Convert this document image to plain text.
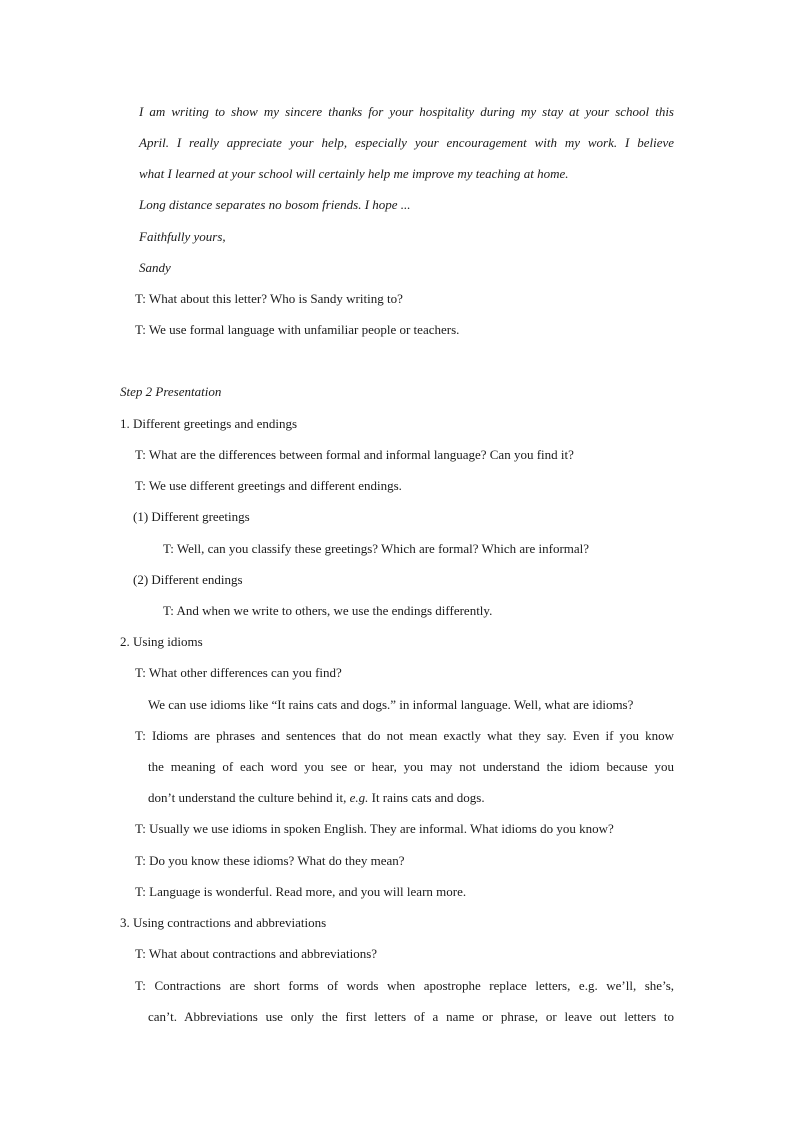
I am writing to show my sincere thanks for your hospitality during my stay at your school this
April. I really appreciate your help, especially your encouragement with my work. I believe
what I learned at your school will certainly help me improve my teaching at home.
Long distance separates no bosom friends. I hope ...
Faithfully yours,
Sandy
T: What about this letter? Who is Sandy writing to?
T: We use formal language with unfamiliar people or teachers.
Step 2 Presentation
1. Different greetings and endings
T: What are the differences between formal and informal language? Can you find it?
T: We use different greetings and different endings.
(1) Different greetings
T: Well, can you classify these greetings? Which are formal? Which are informal?
(2) Different endings
T: And when we write to others, we use the endings differently.
2. Using idioms
T: What other differences can you find?
We can use idioms like “It rains cats and dogs.” in informal language. Well, what are idioms?
T: Idioms are phrases and sentences that do not mean exactly what they say. Even if you know
the meaning of each word you see or hear, you may not understand the idiom because you
don’t understand the culture behind it, e.g. It rains cats and dogs.
T: Usually we use idioms in spoken English. They are informal. What idioms do you know?
T: Do you know these idioms? What do they mean?
T: Language is wonderful. Read more, and you will learn more.
3. Using contractions and abbreviations
T: What about contractions and abbreviations?
T: Contractions are short forms of words when apostrophe replace letters, e.g. we’ll, she’s,
can’t. Abbreviations use only the first letters of a name or phrase, or leave out letters to
